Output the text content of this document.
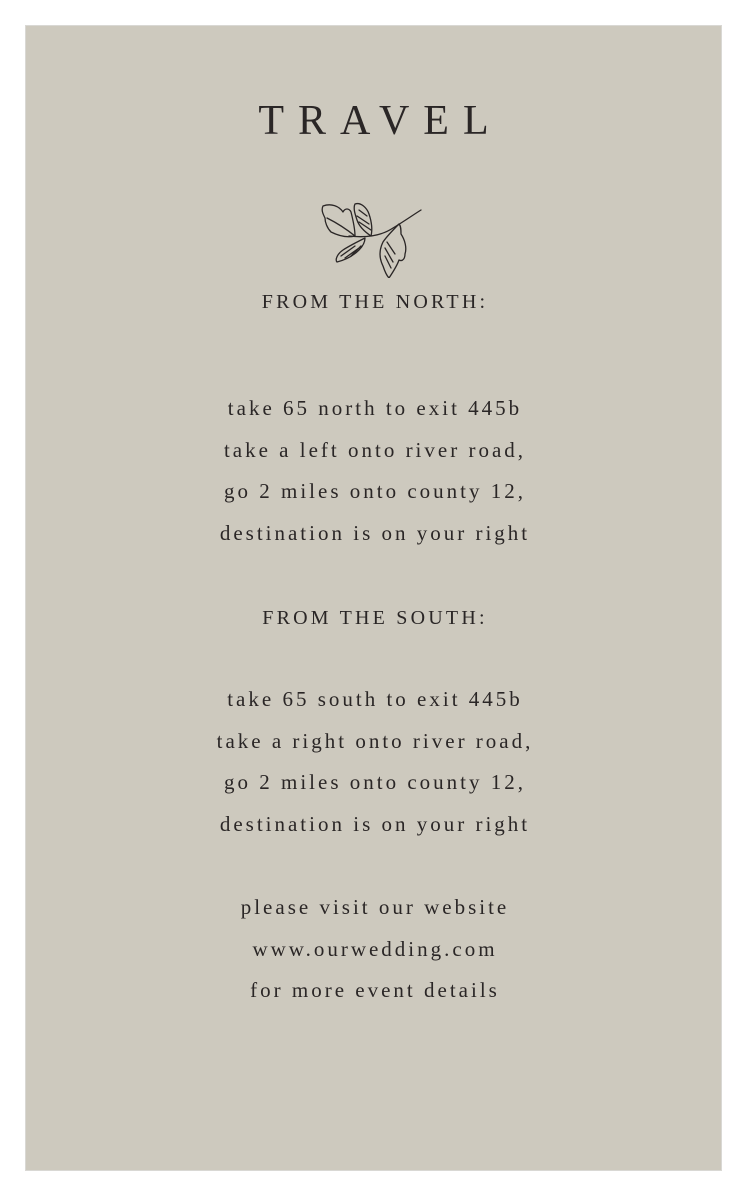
TRAVEL
FROM THE NORTH:
take 65 north to exit 445b
take a left onto river road,
go 2 miles onto county 12,
destination is on your right
FROM THE SOUTH:
take 65 south to exit 445b
take a right onto river road,
go 2 miles onto county 12,
destination is on your right
please visit our website
www.ourwedding.com
for more event details
